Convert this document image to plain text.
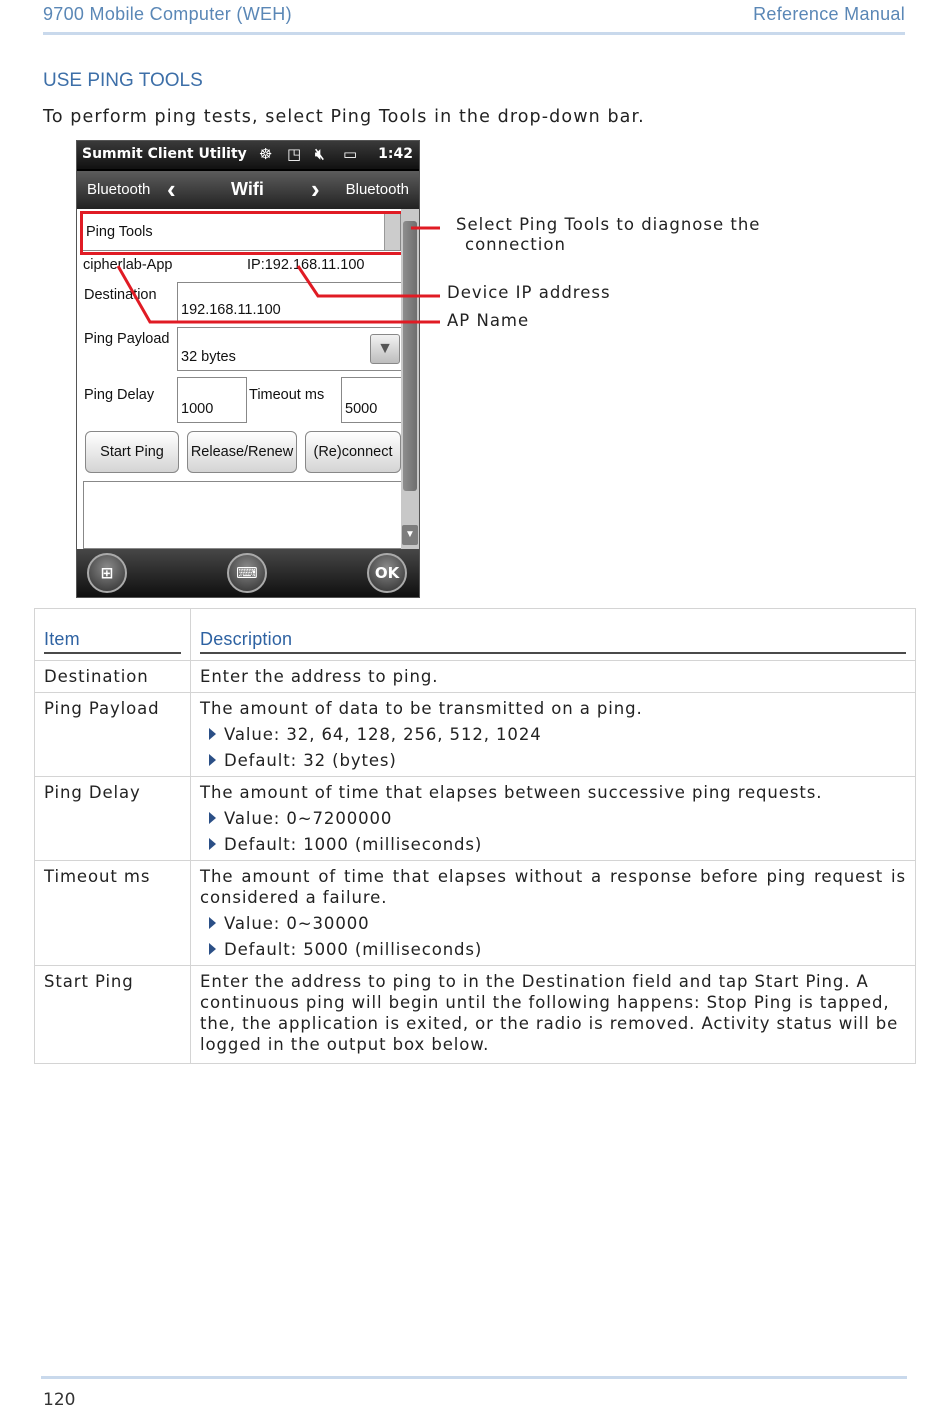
9700 Mobile Computer (WEH)	Reference Manual
USE PING TOOLS
To perform ping tests, select Ping Tools in the drop-down bar.
Summit Client Utility ☸ ◳ 🔇︎ ▭ 1:42
Bluetooth ‹	Wifi › Bluetooth
Ping Tools
cipherlab-App	IP:192.168.11.100
Destination
192.168.11.100
Ping Payload
32 bytes	▼
Ping Delay
1000
Timeout ms
5000
Start Ping	Release/Renew	(Re)connect
▼
⊞	⌨	OK
Select Ping Tools to diagnose the
connection
Device IP address
AP Name
Item	Description

Destination	Enter the address to ping.
Ping Payload	The amount of data to be transmitted on a ping.
Value: 32, 64, 128, 256, 512, 1024
Default: 32 (bytes)

Ping Delay	The amount of time that elapses between successive ping requests.
Value: 0~7200000
Default: 1000 (milliseconds)

Timeout ms	The amount of time that elapses without a response before ping request is considered a failure.
Value: 0~30000
Default: 5000 (milliseconds)

Start Ping	Enter the address to ping to in the Destination field and tap Start Ping. A continuous ping will begin until the following happens: Stop Ping is tapped, the, the application is exited, or the radio is removed. Activity status will be logged in the output box below.
120
